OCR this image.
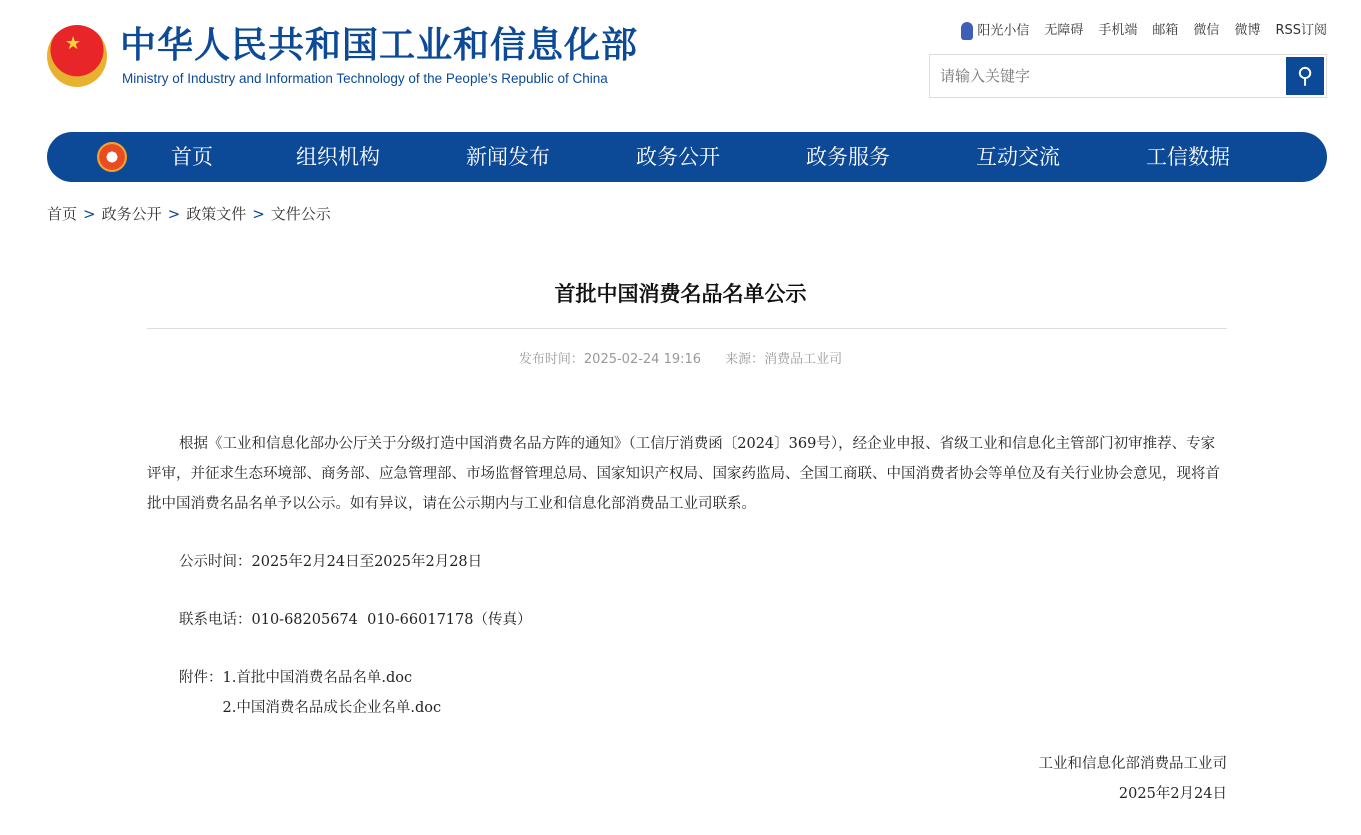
★ 中华人民共和国工业和信息化部
Ministry of Industry and Information Technology of the People’s Republic of China
阳光小信 无障碍 手机端 邮箱 微信 微博 RSS订阅
请输入关键字
⚲
首页	组织机构	新闻发布	政务公开	政务服务	互动交流	工信数据
首页 > 政务公开 > 政策文件 > 文件公示
首批中国消费名品名单公示
发布时间：2025-02-24 19:16 来源：消费品工业司
根据《工业和信息化部办公厅关于分级打造中国消费名品方阵的通知》（工信厅消费函〔2024〕369号），经企业申报、省级工业和信息化主管部门初审推荐、专家评审，并征求生态环境部、商务部、应急管理部、市场监督管理总局、国家知识产权局、国家药监局、全国工商联、中国消费者协会等单位及有关行业协会意见，现将首批中国消费名品名单予以公示。如有异议，请在公示期内与工业和信息化部消费品工业司联系。
公示时间：2025年2月24日至2025年2月28日
联系电话：010-68205674  010-66017178（传真）
附件： 1.首批中国消费名品名单.doc
2.中国消费名品成长企业名单.doc
工业和信息化部消费品工业司
2025年2月24日
